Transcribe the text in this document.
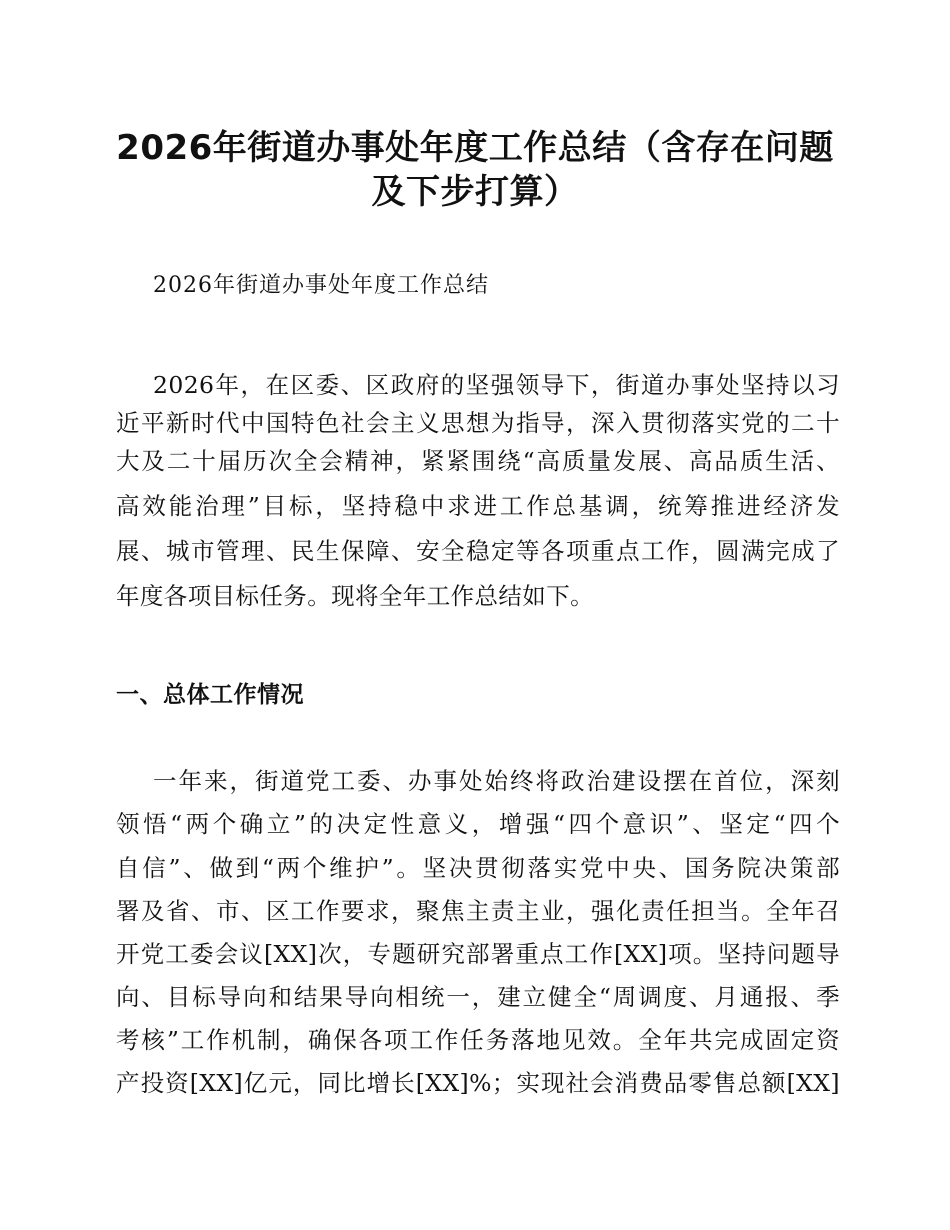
2026年街道办事处年度工作总结（含存在问题
及下步打算）

2026年街道办事处年度工作总结

2026年，在区委、区政府的坚强领导下，街道办事处坚持以习

近平新时代中国特色社会主义思想为指导，深入贯彻落实党的二十

大及二十届历次全会精神，紧紧围绕“高质量发展、高品质生活、

高效能治理”目标，坚持稳中求进工作总基调，统筹推进经济发

展、城市管理、民生保障、安全稳定等各项重点工作，圆满完成了

年度各项目标任务。现将全年工作总结如下。

一、总体工作情况

一年来，街道党工委、办事处始终将政治建设摆在首位，深刻

领悟“两个确立”的决定性意义，增强“四个意识”、坚定“四个

自信”、做到“两个维护”。坚决贯彻落实党中央、国务院决策部

署及省、市、区工作要求，聚焦主责主业，强化责任担当。全年召

开党工委会议[XX]次，专题研究部署重点工作[XX]项。坚持问题导

向、目标导向和结果导向相统一，建立健全“周调度、月通报、季

考核”工作机制，确保各项工作任务落地见效。全年共完成固定资

产投资[XX]亿元，同比增长[XX]%；实现社会消费品零售总额[XX]
